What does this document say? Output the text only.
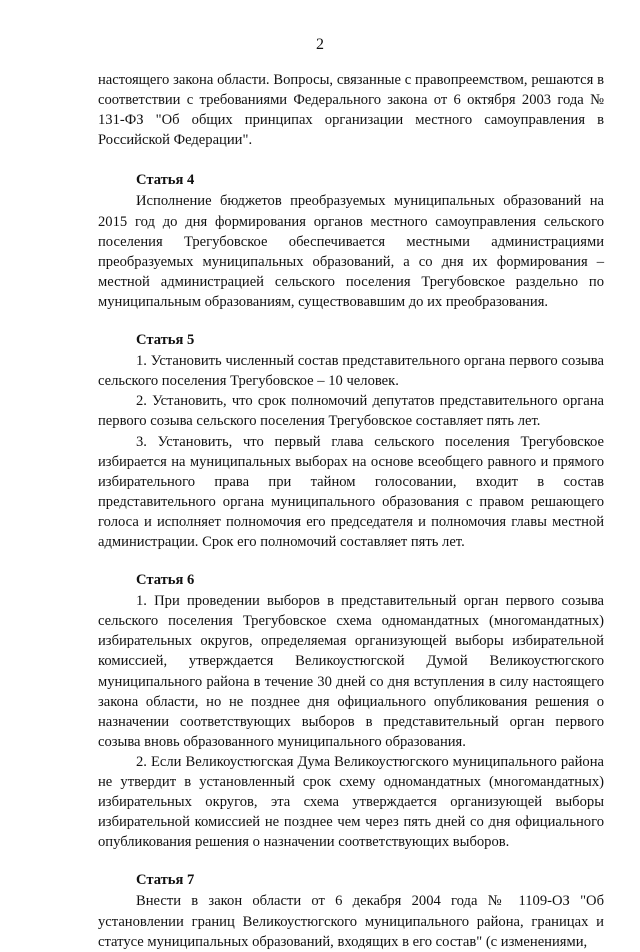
2

настоящего закона области. Вопросы, связанные с правопреемством, решаются в соответствии с требованиями Федерального закона от 6 октября 2003 года № 131-ФЗ "Об общих принципах организации местного самоуправления в Российской Федерации".

Статья 4

Исполнение бюджетов преобразуемых муниципальных образований на 2015 год до дня формирования органов местного самоуправления сельского поселения Трегубовское обеспечивается местными администрациями преобразуемых муниципальных образований, а со дня их формирования – местной администрацией сельского поселения Трегубовское раздельно по муниципальным образованиям, существовавшим до их преобразования.

Статья 5

1. Установить численный состав представительного органа первого созыва сельского поселения Трегубовское – 10 человек.

2. Установить, что срок полномочий депутатов представительного органа первого созыва сельского поселения Трегубовское составляет пять лет.

3. Установить, что первый глава сельского поселения Трегубовское избирается на муниципальных выборах на основе всеобщего равного и прямого избирательного права при тайном голосовании, входит в состав представительного органа муниципального образования с правом решающего голоса и исполняет полномочия его председателя и полномочия главы местной администрации. Срок его полномочий составляет пять лет.

Статья 6

1. При проведении выборов в представительный орган первого созыва сельского поселения Трегубовское схема одномандатных (многомандатных) избирательных округов, определяемая организующей выборы избирательной комиссией, утверждается Великоустюгской Думой Великоустюгского муниципального района в течение 30 дней со дня вступления в силу настоящего закона области, но не позднее дня официального опубликования решения о назначении соответствующих выборов в представительный орган первого созыва вновь образованного муниципального образования.

2. Если Великоустюгская Дума Великоустюгского муниципального района не утвердит в установленный срок схему одномандатных (многомандатных) избирательных округов, эта схема утверждается организующей выборы избирательной комиссией не позднее чем через пять дней со дня официального опубликования решения о назначении соответствующих выборов.

Статья 7

Внести в закон области от 6 декабря 2004 года № 1109-ОЗ "Об установлении границ Великоустюгского муниципального района, границах и статусе муниципальных образований, входящих в его состав" (с изменениями,
